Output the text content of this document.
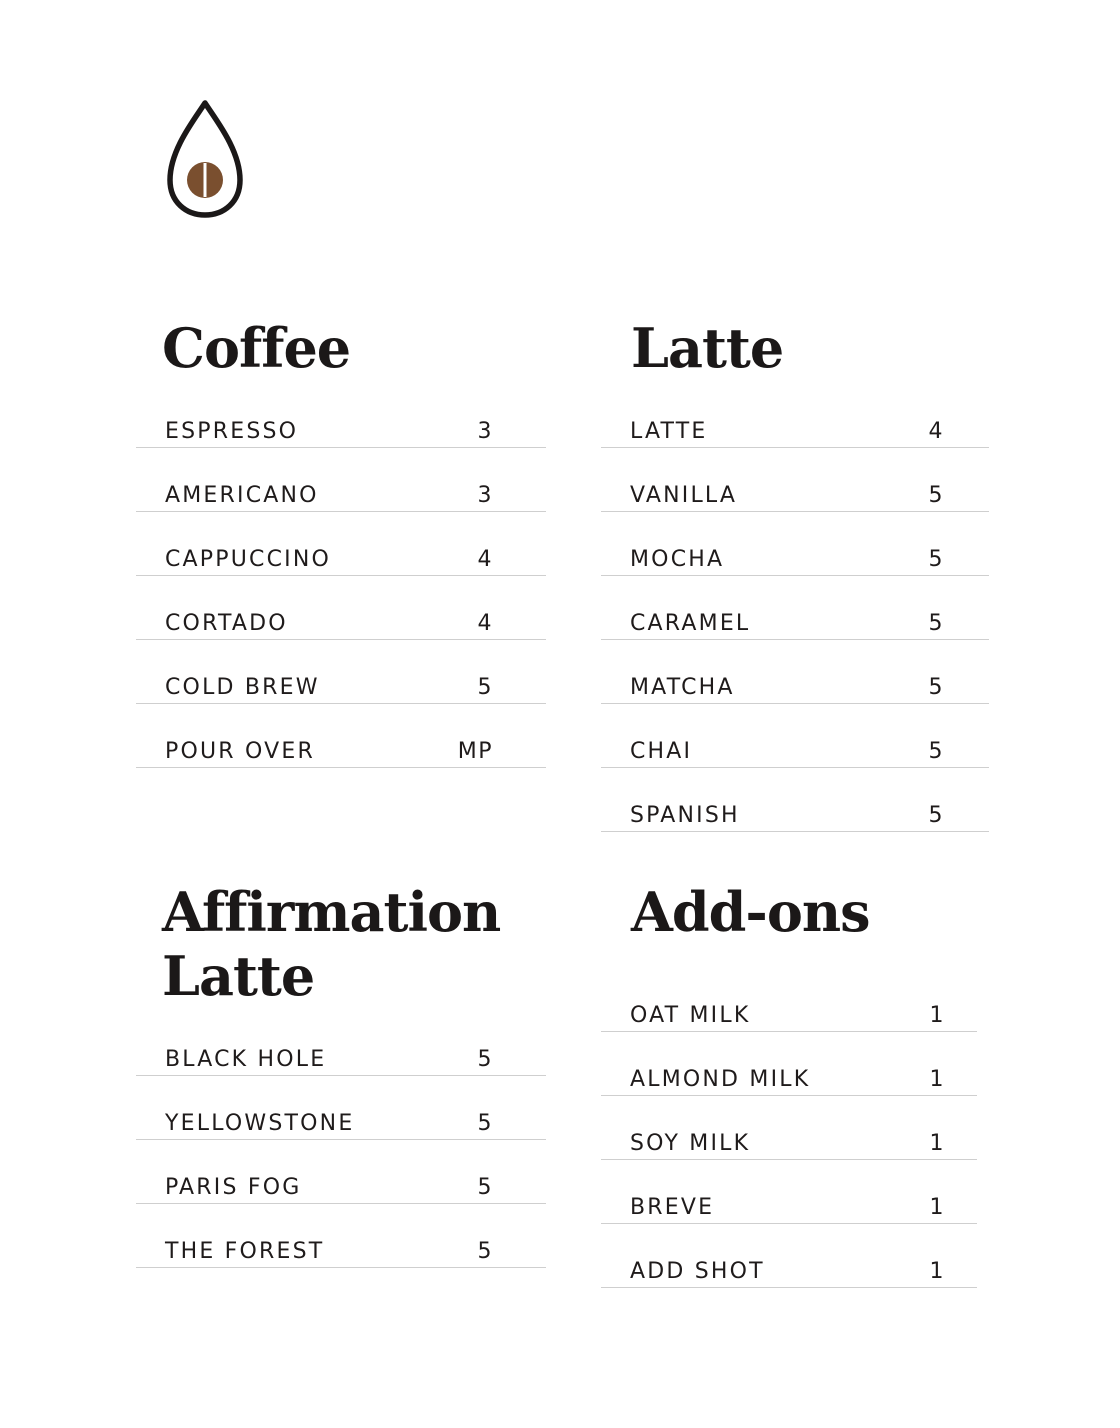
Coffee
ESPRESSO	3
AMERICANO	3
CAPPUCCINO	4
CORTADO	4
COLD BREW	5
POUR OVER	MP
Latte
LATTE	4
VANILLA	5
MOCHA	5
CARAMEL	5
MATCHA	5
CHAI	5
SPANISH	5
Affirmation
Latte
BLACK HOLE	5
YELLOWSTONE	5
PARIS FOG	5
THE FOREST	5
Add-ons
OAT MILK	1
ALMOND MILK	1
SOY MILK	1
BREVE	1
ADD SHOT	1
